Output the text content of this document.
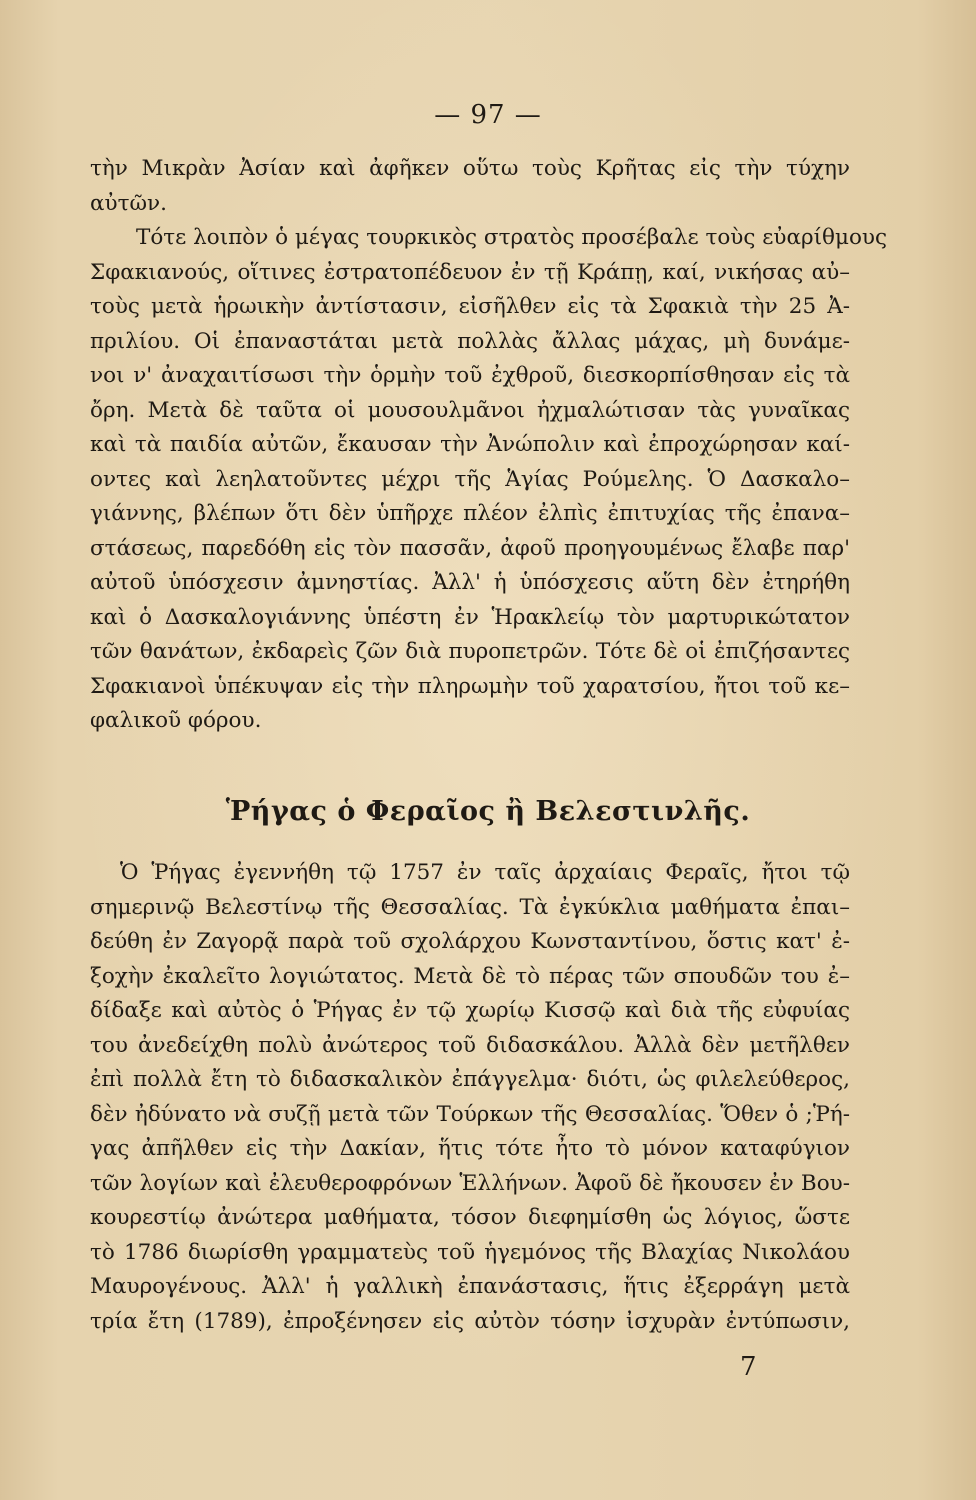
— 97 —

τὴν Μικρὰν Ἀσίαν καὶ ἀφῆκεν οὕτω τοὺς Κρῆτας εἰς τὴν τύχην
αὐτῶν.
Τότε λοιπὸν ὁ μέγας τουρκικὸς στρατὸς προσέβαλε τοὺς εὐαρίθμους
Σφακιανούς, οἵτινες ἐστρατοπέδευον ἐν τῇ Κράπῃ, καί, νικήσας αὐ–
τοὺς μετὰ ἡρωικὴν ἀντίστασιν, εἰσῆλθεν εἰς τὰ Σφακιὰ τὴν 25 Ἀ-
πριλίου. Οἱ ἐπαναστάται μετὰ πολλὰς ἄλλας μάχας, μὴ δυνάμε-
νοι ν' ἀναχαιτίσωσι τὴν ὁρμὴν τοῦ ἐχθροῦ, διεσκορπίσθησαν εἰς τὰ
ὄρη. Μετὰ δὲ ταῦτα οἱ μουσουλμᾶνοι ἠχμαλώτισαν τὰς γυναῖκας
καὶ τὰ παιδία αὐτῶν, ἔκαυσαν τὴν Ἀνώπολιν καὶ ἐπροχώρησαν καί-
οντες καὶ λεηλατοῦντες μέχρι τῆς Ἁγίας Ρούμελης. Ὁ Δασκαλο–
γιάννης, βλέπων ὅτι δὲν ὑπῆρχε πλέον ἐλπὶς ἐπιτυχίας τῆς ἐπανα–
στάσεως, παρεδόθη εἰς τὸν πασσᾶν, ἀφοῦ προηγουμένως ἔλαβε παρ'
αὐτοῦ ὑπόσχεσιν ἀμνηστίας. Ἀλλ' ἡ ὑπόσχεσις αὕτη δὲν ἐτηρήθη
καὶ ὁ Δασκαλογιάννης ὑπέστη ἐν Ἡρακλείῳ τὸν μαρτυρικώτατον
τῶν θανάτων, ἐκδαρεὶς ζῶν διὰ πυροπετρῶν. Τότε δὲ οἱ ἐπιζήσαντες
Σφακιανοὶ ὑπέκυψαν εἰς τὴν πληρωμὴν τοῦ χαρατσίου, ἤτοι τοῦ κε–
φαλικοῦ φόρου.

Ῥήγας ὁ Φεραῖος ἢ Βελεστινλῆς.

Ὁ Ῥήγας ἐγεννήθη τῷ 1757 ἐν ταῖς ἀρχαίαις Φεραῖς, ἤτοι τῷ
σημερινῷ Βελεστίνῳ τῆς Θεσσαλίας. Τὰ ἐγκύκλια μαθήματα ἐπαι–
δεύθη ἐν Ζαγορᾷ παρὰ τοῦ σχολάρχου Κωνσταντίνου, ὅστις κατ' ἐ-
ξοχὴν ἐκαλεῖτο λογιώτατος. Μετὰ δὲ τὸ πέρας τῶν σπουδῶν του ἐ–
δίδαξε καὶ αὐτὸς ὁ Ῥήγας ἐν τῷ χωρίῳ Κισσῷ καὶ διὰ τῆς εὐφυίας
του ἀνεδείχθη πολὺ ἀνώτερος τοῦ διδασκάλου. Ἀλλὰ δὲν μετῆλθεν
ἐπὶ πολλὰ ἔτη τὸ διδασκαλικὸν ἐπάγγελμα· διότι, ὡς φιλελεύθερος,
δὲν ἠδύνατο νὰ συζῇ μετὰ τῶν Τούρκων τῆς Θεσσαλίας. Ὅθεν ὁ ;Ῥή-
γας ἀπῆλθεν εἰς τὴν Δακίαν, ἥτις τότε ἦτο τὸ μόνον καταφύγιον
τῶν λογίων καὶ ἐλευθεροφρόνων Ἑλλήνων. Ἀφοῦ δὲ ἤκουσεν ἐν Βου-
κουρεστίῳ ἀνώτερα μαθήματα, τόσον διεφημίσθη ὡς λόγιος, ὥστε
τὸ 1786 διωρίσθη γραμματεὺς τοῦ ἡγεμόνος τῆς Βλαχίας Νικολάου
Μαυρογένους. Ἀλλ' ἡ γαλλικὴ ἐπανάστασις, ἥτις ἐξερράγη μετὰ
τρία ἔτη (1789), ἐπροξένησεν εἰς αὐτὸν τόσην ἰσχυρὰν ἐντύπωσιν,

7
